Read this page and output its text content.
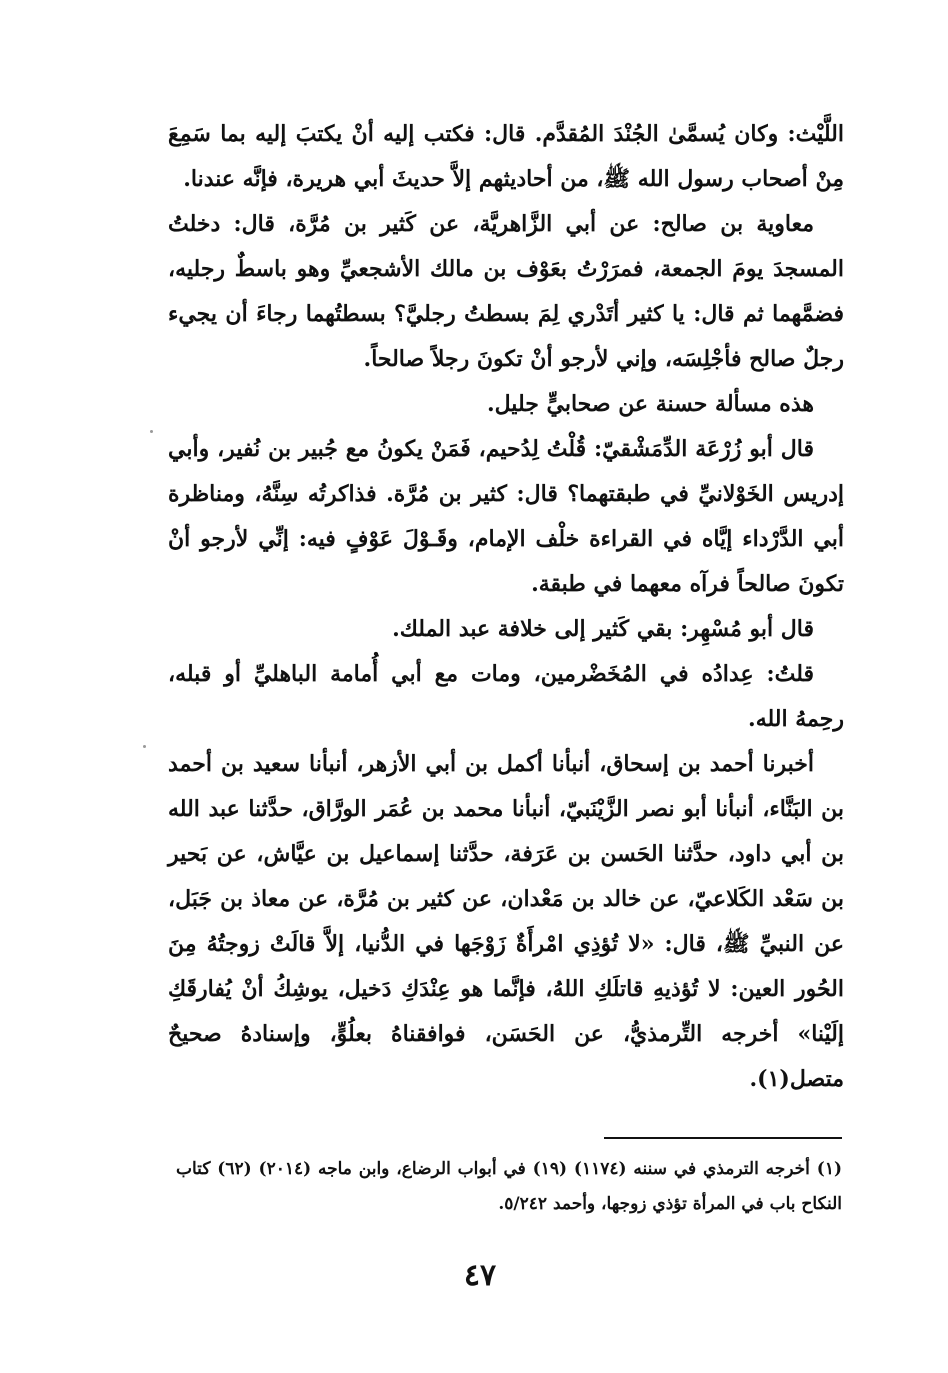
اللَّيْث: وكان يُسمَّىٰ الجُنْدَ المُقدَّم. قال: فكتب إليه أنْ يكتبَ إليه بما سَمِعَ مِنْ أصحاب رسول الله ﷺ، من أحاديثهم إلاَّ حديثَ أبي هريرة، فإنَّه عندنا.

معاوية بن صالح: عن أبي الزَّاهريَّة، عن كَثير بن مُرَّة، قال: دخلتُ المسجدَ يومَ الجمعة، فمرَرْتُ بعَوْف بن مالك الأشجعيِّ وهو باسطٌ رجليه، فضمَّهما ثم قال: يا كثير أتَدْري لِمَ بسطتُ رجليَّ؟ بسطتُهما رجاءَ أن يجيء رجلٌ صالح فأجْلِسَه، وإني لأرجو أنْ تكونَ رجلاً صالحاً.

هذه مسألة حسنة عن صحابيٍّ جليل.

قال أبو زُرْعَة الدِّمَشْقيّ: قُلْتُ لِدُحيم، فَمَنْ يكونُ مع جُبير بن نُفير، وأبي إدريس الخَوْلانيِّ في طبقتهما؟ قال: كثير بن مُرَّة. فذاكرتُه سِنَّهُ، ومناظرة أبي الدَّرْداء إيَّاه في القراءة خلْف الإمام، وقَـوْلَ عَوْفٍ فيه: إنِّي لأرجو أنْ تكونَ صالحاً فرآه معهما في طبقة.

قال أبو مُسْهِر: بقي كَثير إلى خلافة عبد الملك.

قلتُ: عِدادُه في المُخَضْرمين، ومات مع أبي أُمامة الباهليِّ أو قبله، رحِمهُ الله.

أخبرنا أحمد بن إسحاق، أنبأنا أكمل بن أبي الأزهر، أنبأنا سعيد بن أحمد بن البَنَّاء، أنبأنا أبو نصر الزَّيْنَبيّ، أنبأنا محمد بن عُمَر الورَّاق، حدَّثنا عبد الله بن أبي داود، حدَّثنا الحَسن بن عَرَفة، حدَّثنا إسماعيل بن عيَّاش، عن بَحير بن سَعْد الكَلاعيّ، عن خالد بن مَعْدان، عن كثير بن مُرَّة، عن معاذ بن جَبَل، عن النبيِّ ﷺ، قال: «لا تُؤذِي امْرأَةٌ زَوْجَها في الدُّنيا، إلاَّ قالَتْ زوجتُهُ مِنَ الحُور العين: لا تُؤذيهِ قاتلَكِ اللهُ، فإنَّما هو عِنْدَكِ دَخيل، يوشِكُ أنْ يُفارقَكِ إلَيْنا» أخرجه التِّرمذيُّ، عن الحَسَن، فوافقناهُ بعلُوٍّ، وإسنادهُ صحيحٌ متصل(١).

(١) أخرجه الترمذي في سننه (١١٧٤) (١٩) في أبواب الرضاع، وابن ماجه (٢٠١٤) (٦٢) كتاب النكاح باب في المرأة تؤذي زوجها، وأحمد ٥/٢٤٢.

٤٧
